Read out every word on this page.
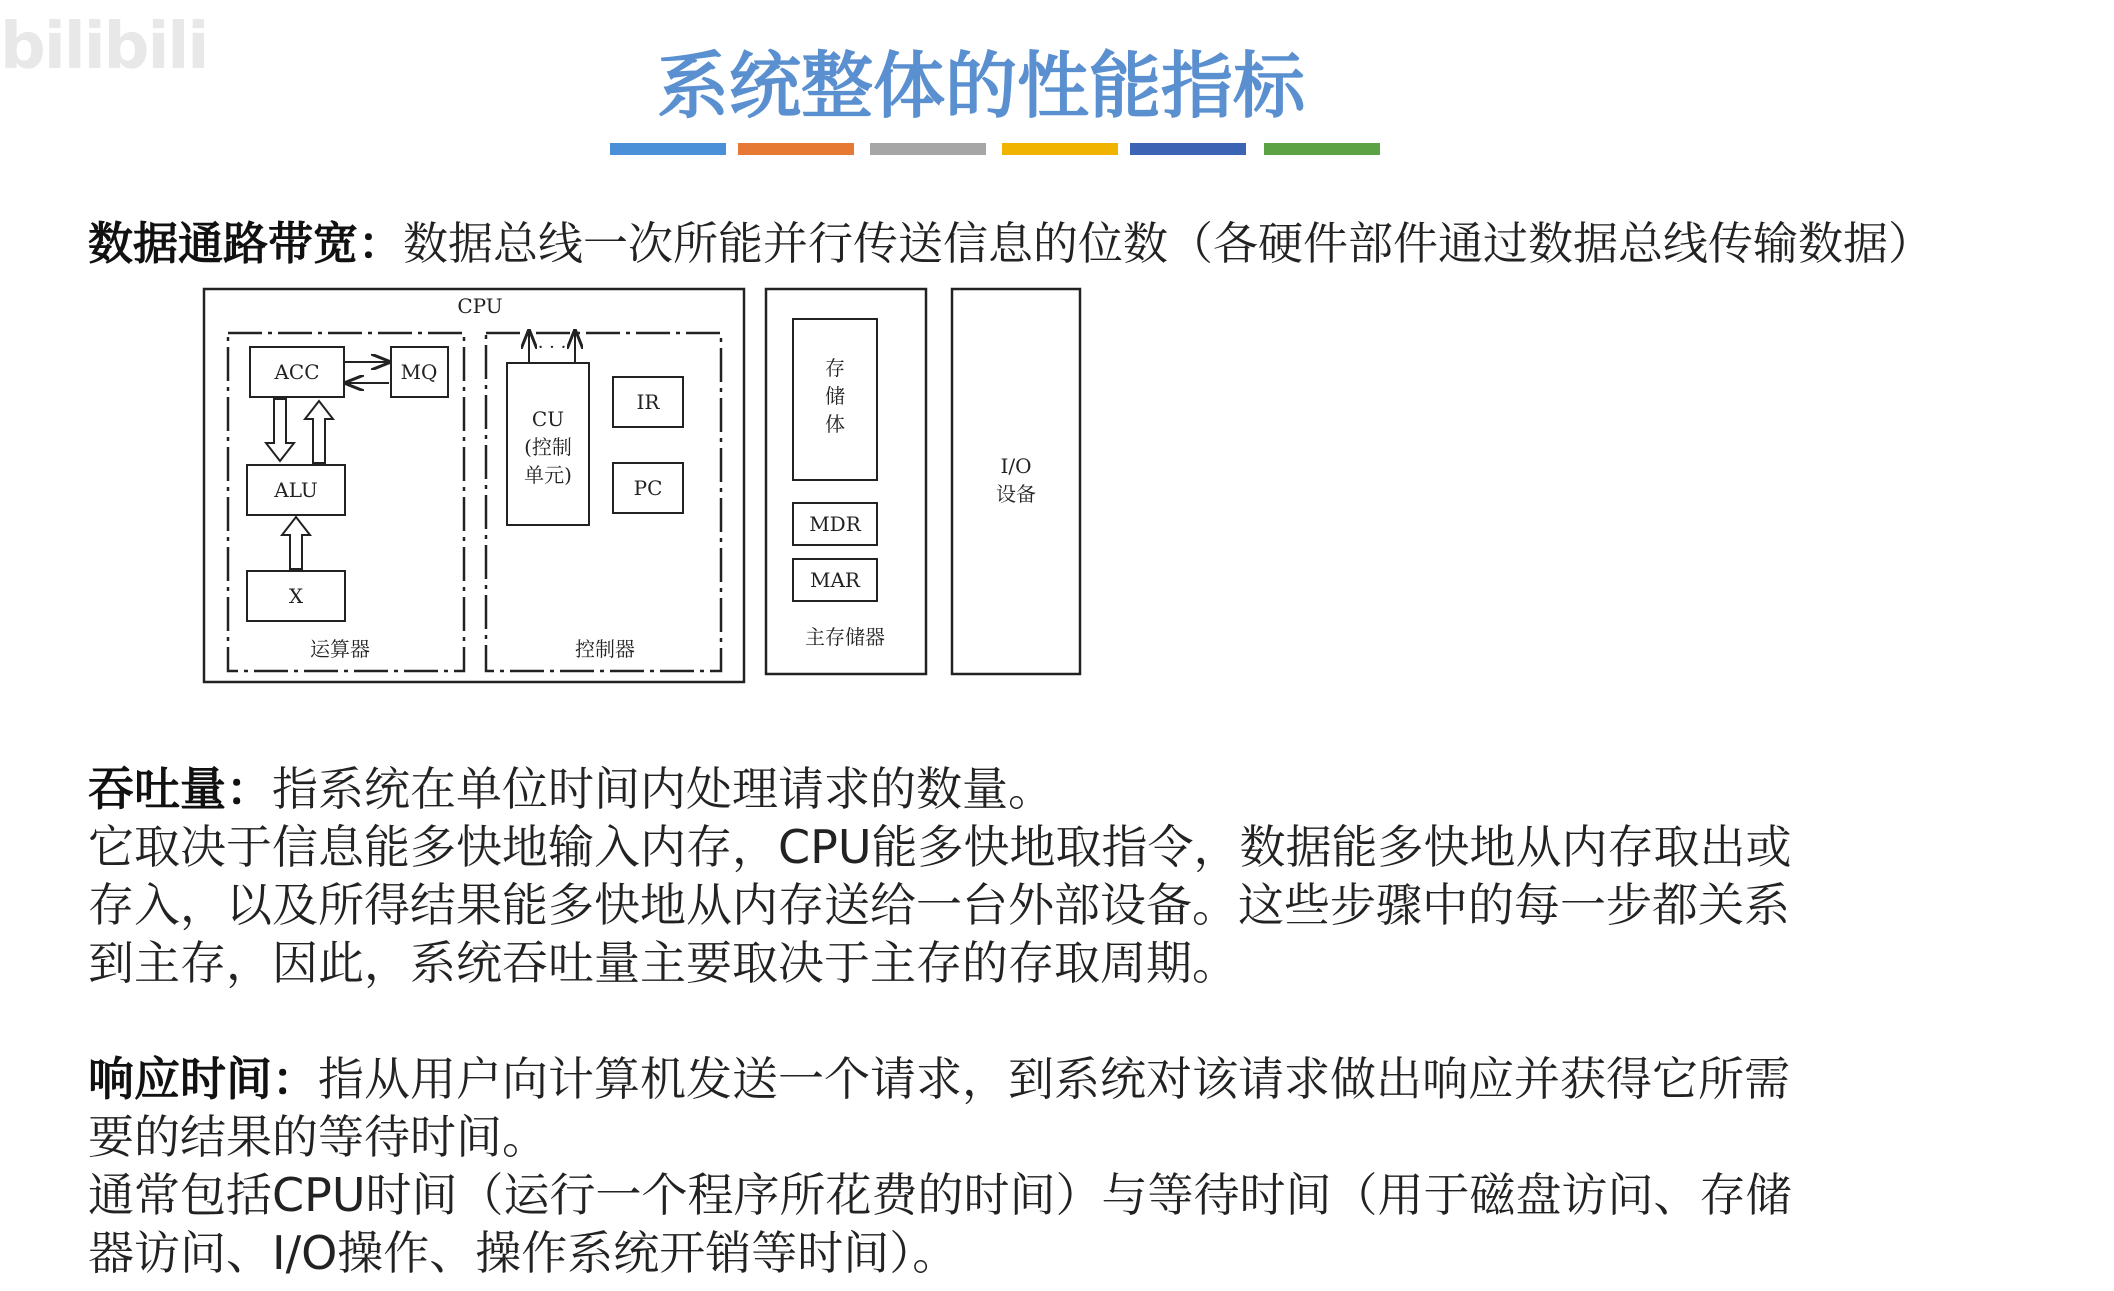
bilibili	系统整体的性能指标
数据通路带宽：数据总线一次所能并行传送信息的位数（各硬件部件通过数据总线传输数据）
CPU
ACC	MQ
ALU
X
运算器
CU
(控制
单元)
· · ·
IR
PC
控制器
存
储
体
MDR
MAR
主存储器
I/O
设备
吞吐量：指系统在单位时间内处理请求的数量。
它取决于信息能多快地输入内存，CPU能多快地取指令，数据能多快地从内存取出或
存入，以及所得结果能多快地从内存送给一台外部设备。这些步骤中的每一步都关系
到主存，因此，系统吞吐量主要取决于主存的存取周期。
响应时间：指从用户向计算机发送一个请求，到系统对该请求做出响应并获得它所需
要的结果的等待时间。
通常包括CPU时间（运行一个程序所花费的时间）与等待时间（用于磁盘访问、存储
器访问、I/O操作、操作系统开销等时间）。
